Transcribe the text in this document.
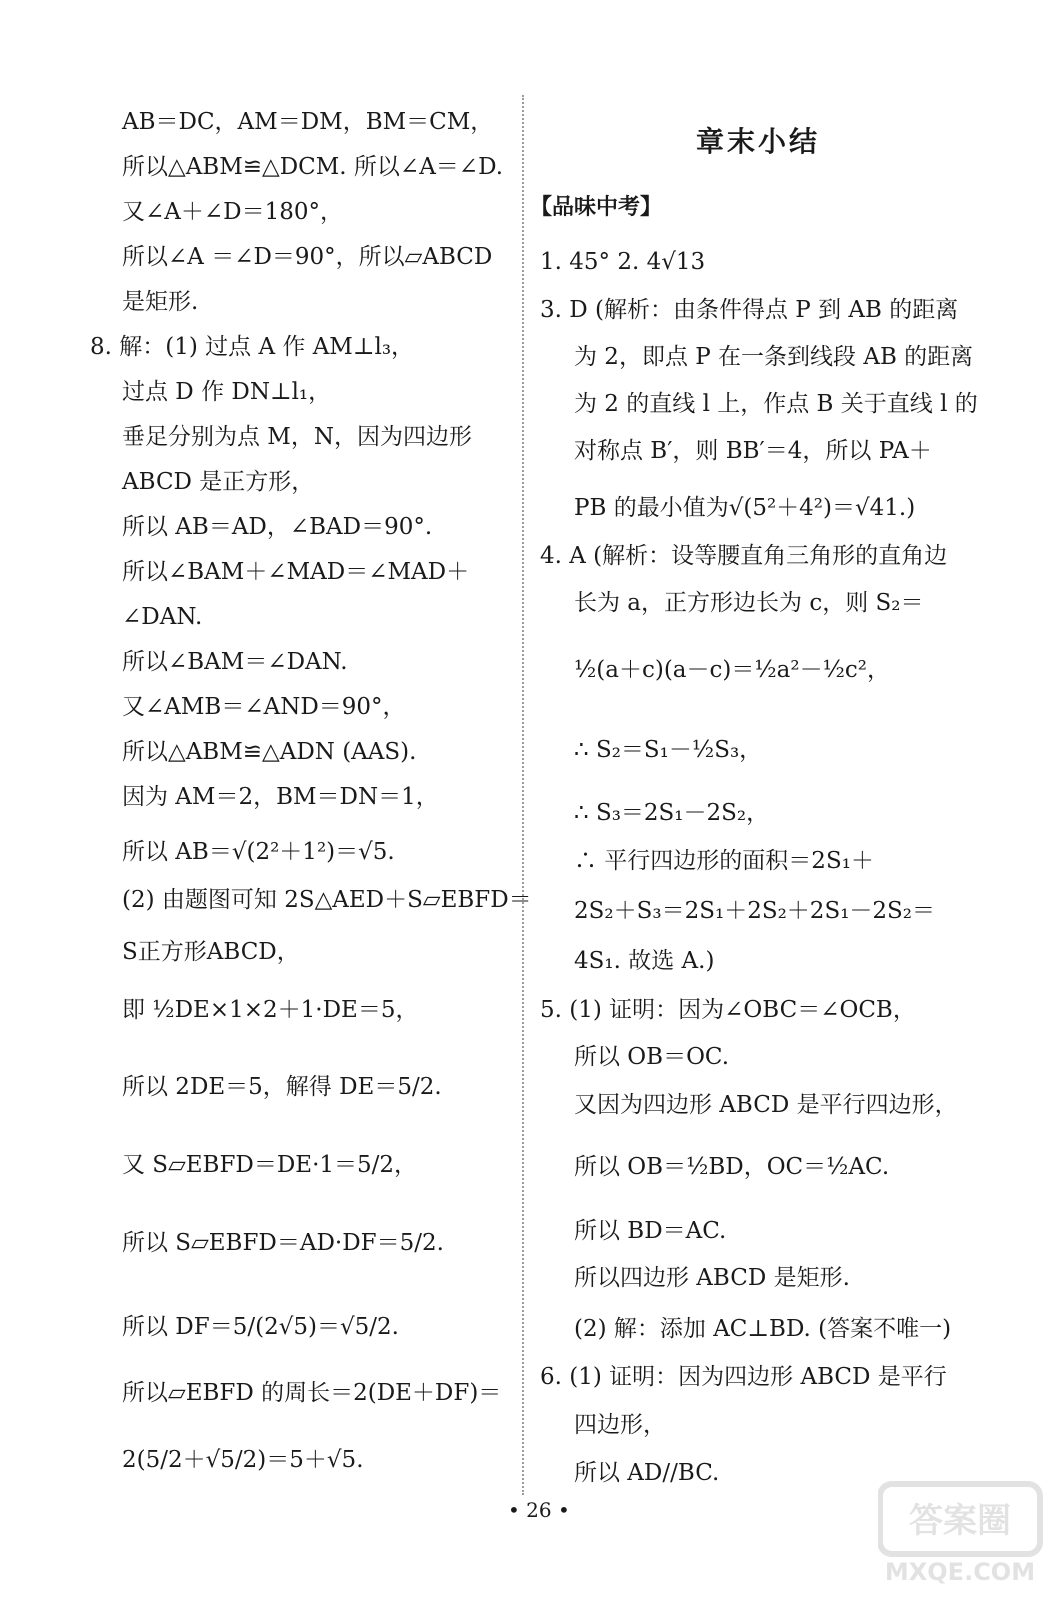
AB＝DC，AM＝DM，BM＝CM，
所以△ABM≌△DCM. 所以∠A＝∠D.
又∠A＋∠D＝180°，
所以∠A ＝∠D＝90°，所以▱ABCD
是矩形.
8. 解：(1) 过点 A 作 AM⊥l₃，
过点 D 作 DN⊥l₁，
垂足分别为点 M，N，因为四边形
ABCD 是正方形，
所以 AB＝AD，∠BAD＝90°.
所以∠BAM＋∠MAD＝∠MAD＋
∠DAN.
所以∠BAM＝∠DAN.
又∠AMB＝∠AND＝90°，
所以△ABM≌△ADN (AAS).
因为 AM＝2，BM＝DN＝1，
所以 AB＝√(2²＋1²)＝√5.
(2) 由题图可知 2S△AED＋S▱EBFD＝
S正方形ABCD，
即 ½DE×1×2＋1·DE＝5，
所以 2DE＝5，解得 DE＝5/2.
又 S▱EBFD＝DE·1＝5/2，
所以 S▱EBFD＝AD·DF＝5/2.
所以 DF＝5/(2√5)＝√5/2.
所以▱EBFD 的周长＝2(DE＋DF)＝
2(5/2＋√5/2)＝5＋√5.
章末小结
【品味中考】
1. 45° 2. 4√13
3. D (解析：由条件得点 P 到 AB 的距离
为 2，即点 P 在一条到线段 AB 的距离
为 2 的直线 l 上，作点 B 关于直线 l 的
对称点 B′，则 BB′＝4，所以 PA＋
PB 的最小值为√(5²＋4²)＝√41.)
4. A (解析：设等腰直角三角形的直角边
长为 a，正方形边长为 c，则 S₂＝
½(a＋c)(a－c)＝½a²－½c²，
∴ S₂＝S₁－½S₃，
∴ S₃＝2S₁－2S₂，
∴ 平行四边形的面积＝2S₁＋
2S₂＋S₃＝2S₁＋2S₂＋2S₁－2S₂＝
4S₁. 故选 A.)
5. (1) 证明：因为∠OBC＝∠OCB，
所以 OB＝OC.
又因为四边形 ABCD 是平行四边形，
所以 OB＝½BD，OC＝½AC.
所以 BD＝AC.
所以四边形 ABCD 是矩形.
(2) 解：添加 AC⊥BD. (答案不唯一)
6. (1) 证明：因为四边形 ABCD 是平行
四边形，
所以 AD//BC.
• 26 •	答案圈
MXQE.COM
